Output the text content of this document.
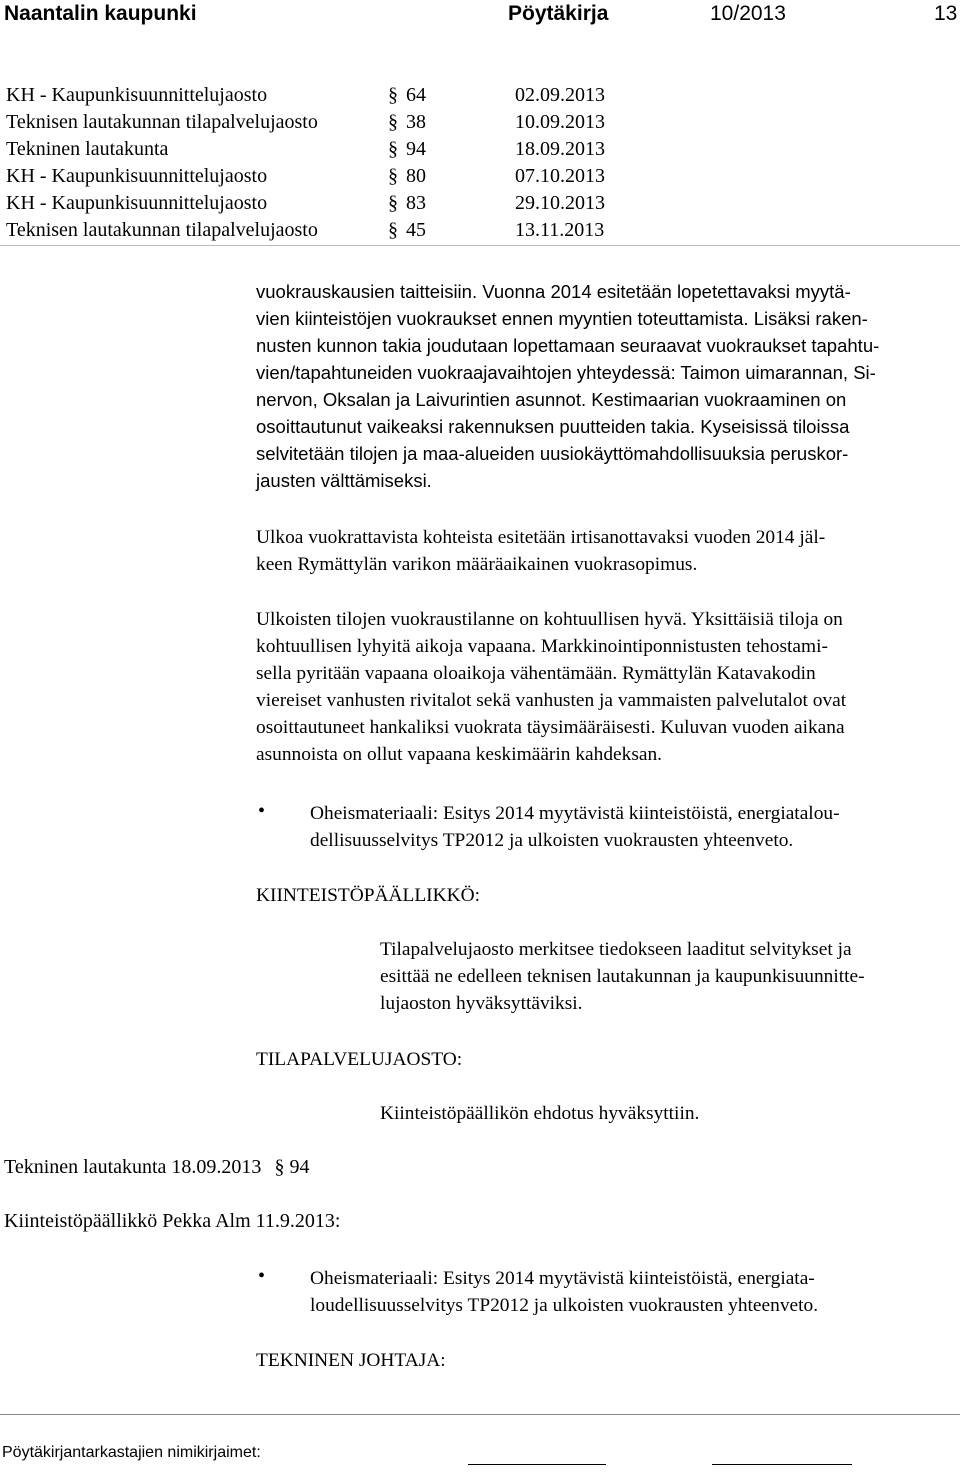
Naantalin kaupunki	Pöytäkirja	10/2013	13
KH - Kaupunkisuunnittelujaosto	§ 64	02.09.2013
Teknisen lautakunnan tilapalvelujaosto	§ 38	10.09.2013
Tekninen lautakunta	§ 94	18.09.2013
KH - Kaupunkisuunnittelujaosto	§ 80	07.10.2013
KH - Kaupunkisuunnittelujaosto	§ 83	29.10.2013
Teknisen lautakunnan tilapalvelujaosto	§ 45	13.11.2013
vuokrauskausien taitteisiin. Vuonna 2014 esitetään lopetettavaksi myytä-
vien kiinteistöjen vuokraukset ennen myyntien toteuttamista. Lisäksi raken-
nusten kunnon takia joudutaan lopettamaan seuraavat vuokraukset tapahtu-
vien/tapahtuneiden vuokraajavaihtojen yhteydessä: Taimon uimarannan, Si-
nervon, Oksalan ja Laivurintien asunnot. Kestimaarian vuokraaminen on
osoittautunut vaikeaksi rakennuksen puutteiden takia. Kyseisissä tiloissa
selvitetään tilojen ja maa-alueiden uusiokäyttömahdollisuuksia peruskor-
jausten välttämiseksi.
Ulkoa vuokrattavista kohteista esitetään irtisanottavaksi vuoden 2014 jäl-
keen Rymättylän varikon määräaikainen vuokrasopimus.
Ulkoisten tilojen vuokraustilanne on kohtuullisen hyvä. Yksittäisiä tiloja on
kohtuullisen lyhyitä aikoja vapaana. Markkinointiponnistusten tehostami-
sella pyritään vapaana oloaikoja vähentämään. Rymättylän Katavakodin
viereiset vanhusten rivitalot sekä vanhusten ja vammaisten palvelutalot ovat
osoittautuneet hankaliksi vuokrata täysimääräisesti. Kuluvan vuoden aikana
asunnoista on ollut vapaana keskimäärin kahdeksan.
• Oheismateriaali: Esitys 2014 myytävistä kiinteistöistä, energiatalou-
dellisuusselvitys TP2012 ja ulkoisten vuokrausten yhteenveto.
KIINTEISTÖPÄÄLLIKKÖ:
Tilapalvelujaosto merkitsee tiedokseen laaditut selvitykset ja
esittää ne edelleen teknisen lautakunnan ja kaupunkisuunnitte-
lujaoston hyväksyttäviksi.
TILAPALVELUJAOSTO:
Kiinteistöpäällikön ehdotus hyväksyttiin.
Tekninen lautakunta 18.09.2013 § 94
Kiinteistöpäällikkö Pekka Alm 11.9.2013:
• Oheismateriaali: Esitys 2014 myytävistä kiinteistöistä, energiata-
loudellisuusselvitys TP2012 ja ulkoisten vuokrausten yhteenveto.
TEKNINEN JOHTAJA:
Pöytäkirjantarkastajien nimikirjaimet:
